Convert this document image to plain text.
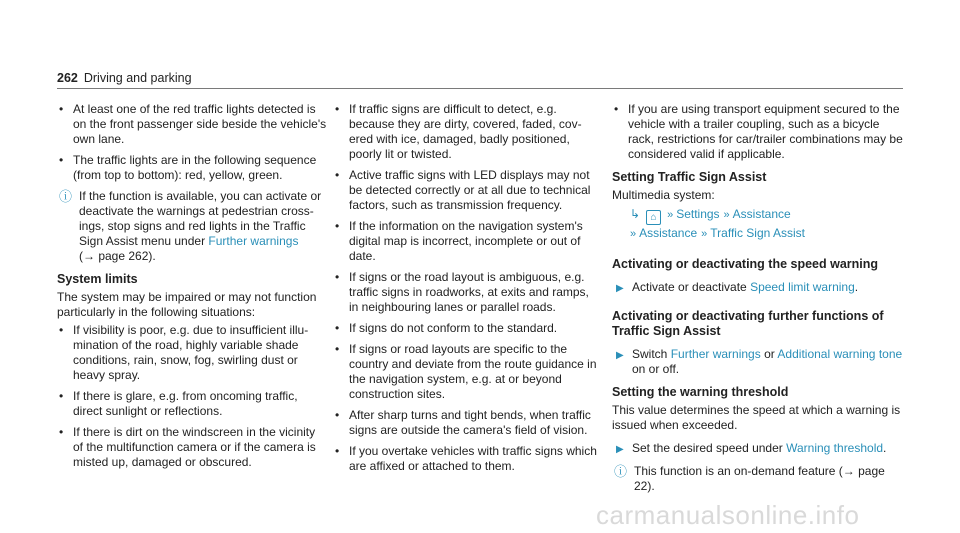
262 Driving and parking
• At least one of the red traffic lights detected is on the front passenger side beside the vehicle's own lane.
• The traffic lights are in the following sequence (from top to bottom): red, yellow, green.
ⓘ If the function is available, you can activate or deactivate the warnings at pedestrian crossings, stop signs and red lights in the Traffic Sign Assist menu under Further warnings
(→ page 262).
System limits

The system may be impaired or may not function particularly in the following situations:

• If visibility is poor, e.g. due to insufficient illumination of the road, highly variable shade conditions, rain, snow, fog, swirling dust or heavy spray.
• If there is glare, e.g. from oncoming traffic, direct sunlight or reflections.
• If there is dirt on the windscreen in the vicinity of the multifunction camera or if the camera is misted up, damaged or obscured.
• If traffic signs are difficult to detect, e.g. because they are dirty, covered, faded, covered with ice, damaged, badly positioned, poorly lit or twisted.
• Active traffic signs with LED displays may not be detected correctly or at all due to technical factors, such as transmission frequency.
• If the information on the navigation system's digital map is incorrect, incomplete or out of date.
• If signs or the road layout is ambiguous, e.g. traffic signs in roadworks, at exits and ramps, in neighbouring lanes or parallel roads.
• If signs do not conform to the standard.
• If signs or road layouts are specific to the country and deviate from the route guidance in the navigation system, e.g. at or beyond construction sites.
• After sharp turns and tight bends, when traffic signs are outside the camera's field of vision.
• If you overtake vehicles with traffic signs which are affixed or attached to them.
• If you are using transport equipment secured to the vehicle with a trailer coupling, such as a bicycle rack, restrictions for car/trailer combinations may be considered valid if applicable.
Setting Traffic Sign Assist

Multimedia system:

↳ ⌂ » Settings » Assistance
» Assistance » Traffic Sign Assist
Activating or deactivating the speed warning
▶ Activate or deactivate Speed limit warning.
Activating or deactivating further functions of Traffic Sign Assist
▶ Switch Further warnings or Additional warning tone on or off.
Setting the warning threshold

This value determines the speed at which a warning is issued when exceeded.

▶ Set the desired speed under Warning threshold.
ⓘ This function is an on-demand feature (→ page 22).
carmanualsonline.info
